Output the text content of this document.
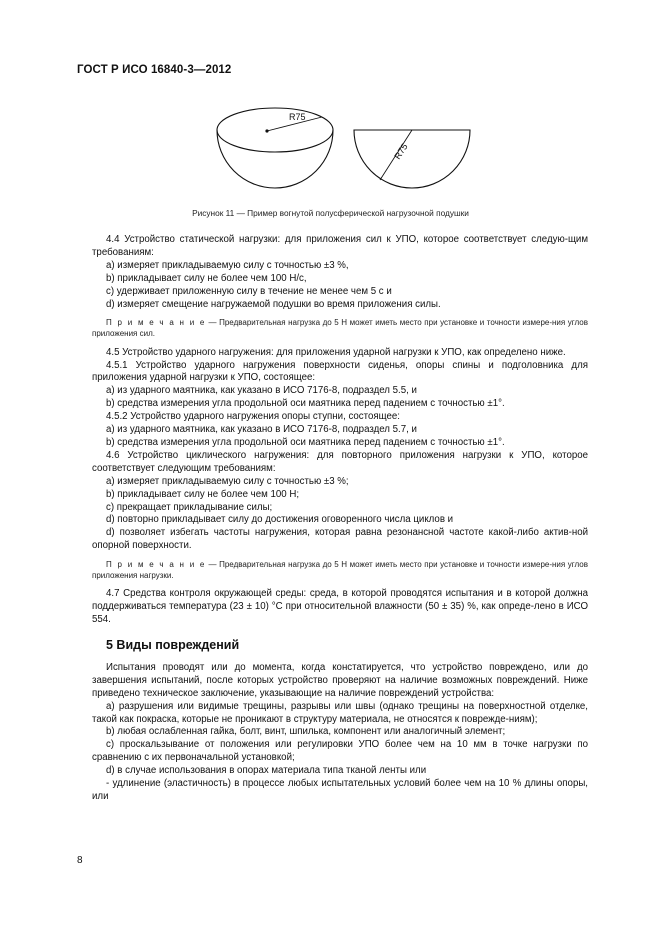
ГОСТ Р ИСО 16840-3—2012
R75
R75
Рисунок 11 — Пример вогнутой полусферической нагрузочной подушки

4.4 Устройство статической нагрузки: для приложения сил к УПО, которое соответствует следую-щим требованиям:

a) измеряет прикладываемую силу с точностью ±3 %,

b) прикладывает силу не более чем 100 Н/с,

c) удерживает приложенную силу в течение не менее чем 5 с и

d) измеряет смещение нагружаемой подушки во время приложения силы.

П р и м е ч а н и е — Предварительная нагрузка до 5 Н может иметь место при установке и точности измере-ния углов приложения сил.

4.5 Устройство ударного нагружения: для приложения ударной нагрузки к УПО, как определено ниже.

4.5.1 Устройство ударного нагружения поверхности сиденья, опоры спины и подголовника для приложения ударной нагрузки к УПО, состоящее:

a) из ударного маятника, как указано в ИСО 7176-8, подраздел 5.5, и

b) средства измерения угла продольной оси маятника перед падением с точностью ±1°.

4.5.2 Устройство ударного нагружения опоры ступни, состоящее:

a) из ударного маятника, как указано в ИСО 7176-8, подраздел 5.7, и

b) средства измерения угла продольной оси маятника перед падением с точностью ±1°.

4.6 Устройство циклического нагружения: для повторного приложения нагрузки к УПО, которое соответствует следующим требованиям:

a) измеряет прикладываемую силу с точностью ±3 %;

b) прикладывает силу не более чем 100 Н;

c) прекращает прикладывание силы;

d) повторно прикладывает силу до достижения оговоренного числа циклов и

d) позволяет избегать частоты нагружения, которая равна резонансной частоте какой-либо актив-ной опорной поверхности.

П р и м е ч а н и е — Предварительная нагрузка до 5 Н может иметь место при установке и точности измере-ния углов приложения нагрузки.

4.7 Средства контроля окружающей среды: среда, в которой проводятся испытания и в которой должна поддерживаться температура (23 ± 10) °С при относительной влажности (50 ± 35) %, как опреде-лено в ИСО 554.

5 Виды повреждений

Испытания проводят или до момента, когда констатируется, что устройство повреждено, или до завершения испытаний, после которых устройство проверяют на наличие возможных повреждений. Ниже приведено техническое заключение, указывающие на наличие повреждений устройства:

a) разрушения или видимые трещины, разрывы или швы (однако трещины на поверхностной отделке, такой как покраска, которые не проникают в структуру материала, не относятся к поврежде-ниям);

b) любая ослабленная гайка, болт, винт, шпилька, компонент или аналогичный элемент;

c) проскальзывание от положения или регулировки УПО более чем на 10 мм в точке нагрузки по сравнению с их первоначальной установкой;

d) в случае использования в опорах материала типа тканой ленты или

- удлинение (эластичность) в процессе любых испытательных условий более чем на 10 % длины опоры, или

8
